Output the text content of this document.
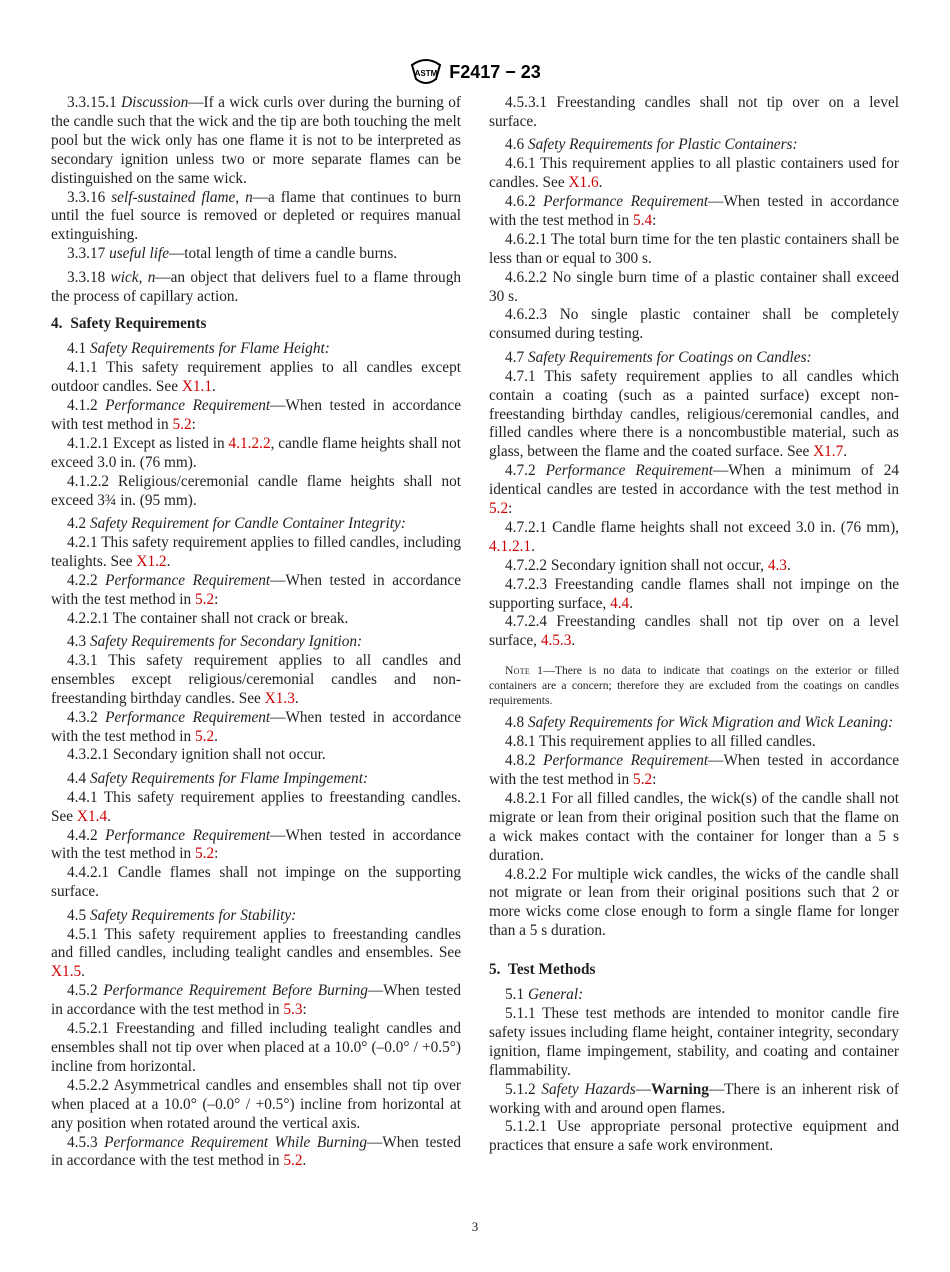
ASTM F2417 − 23

3.3.15.1 Discussion—If a wick curls over during the burning of the candle such that the wick and the tip are both touching the melt pool but the wick only has one flame it is not to be interpreted as secondary ignition unless two or more separate flames can be distinguished on the same wick.

3.3.16 self-sustained flame, n—a flame that continues to burn until the fuel source is removed or depleted or requires manual extinguishing.

3.3.17 useful life—total length of time a candle burns.

3.3.18 wick, n—an object that delivers fuel to a flame through the process of capillary action.

4. Safety Requirements

4.1 Safety Requirements for Flame Height:

4.1.1 This safety requirement applies to all candles except outdoor candles. See X1.1.

4.1.2 Performance Requirement—When tested in accordance with test method in 5.2:

4.1.2.1 Except as listed in 4.1.2.2, candle flame heights shall not exceed 3.0 in. (76 mm).

4.1.2.2 Religious/ceremonial candle flame heights shall not exceed 3¾ in. (95 mm).

4.2 Safety Requirement for Candle Container Integrity:

4.2.1 This safety requirement applies to filled candles, including tealights. See X1.2.

4.2.2 Performance Requirement—When tested in accordance with the test method in 5.2:

4.2.2.1 The container shall not crack or break.

4.3 Safety Requirements for Secondary Ignition:

4.3.1 This safety requirement applies to all candles and ensembles except religious/ceremonial candles and non-freestanding birthday candles. See X1.3.

4.3.2 Performance Requirement—When tested in accordance with the test method in 5.2.

4.3.2.1 Secondary ignition shall not occur.

4.4 Safety Requirements for Flame Impingement:

4.4.1 This safety requirement applies to freestanding candles. See X1.4.

4.4.2 Performance Requirement—When tested in accordance with the test method in 5.2:

4.4.2.1 Candle flames shall not impinge on the supporting surface.

4.5 Safety Requirements for Stability:

4.5.1 This safety requirement applies to freestanding candles and filled candles, including tealight candles and ensembles. See X1.5.

4.5.2 Performance Requirement Before Burning—When tested in accordance with the test method in 5.3:

4.5.2.1 Freestanding and filled including tealight candles and ensembles shall not tip over when placed at a 10.0° (–0.0° / +0.5°) incline from horizontal.

4.5.2.2 Asymmetrical candles and ensembles shall not tip over when placed at a 10.0° (–0.0° / +0.5°) incline from horizontal at any position when rotated around the vertical axis.

4.5.3 Performance Requirement While Burning—When tested in accordance with the test method in 5.2.

4.5.3.1 Freestanding candles shall not tip over on a level surface.

4.6 Safety Requirements for Plastic Containers:

4.6.1 This requirement applies to all plastic containers used for candles. See X1.6.

4.6.2 Performance Requirement—When tested in accordance with the test method in 5.4:

4.6.2.1 The total burn time for the ten plastic containers shall be less than or equal to 300 s.

4.6.2.2 No single burn time of a plastic container shall exceed 30 s.

4.6.2.3 No single plastic container shall be completely consumed during testing.

4.7 Safety Requirements for Coatings on Candles:

4.7.1 This safety requirement applies to all candles which contain a coating (such as a painted surface) except non-freestanding birthday candles, religious/ceremonial candles, and filled candles where there is a noncombustible material, such as glass, between the flame and the coated surface. See X1.7.

4.7.2 Performance Requirement—When a minimum of 24 identical candles are tested in accordance with the test method in 5.2:

4.7.2.1 Candle flame heights shall not exceed 3.0 in. (76 mm), 4.1.2.1.

4.7.2.2 Secondary ignition shall not occur, 4.3.

4.7.2.3 Freestanding candle flames shall not impinge on the supporting surface, 4.4.

4.7.2.4 Freestanding candles shall not tip over on a level surface, 4.5.3.

Note 1—There is no data to indicate that coatings on the exterior or filled containers are a concern; therefore they are excluded from the coatings on candles requirements.

4.8 Safety Requirements for Wick Migration and Wick Leaning:

4.8.1 This requirement applies to all filled candles.

4.8.2 Performance Requirement—When tested in accordance with the test method in 5.2:

4.8.2.1 For all filled candles, the wick(s) of the candle shall not migrate or lean from their original position such that the flame on a wick makes contact with the container for longer than a 5 s duration.

4.8.2.2 For multiple wick candles, the wicks of the candle shall not migrate or lean from their original positions such that 2 or more wicks come close enough to form a single flame for longer than a 5 s duration.

5. Test Methods

5.1 General:

5.1.1 These test methods are intended to monitor candle fire safety issues including flame height, container integrity, secondary ignition, flame impingement, stability, and coating and container flammability.

5.1.2 Safety Hazards—Warning—There is an inherent risk of working with and around open flames.

5.1.2.1 Use appropriate personal protective equipment and practices that ensure a safe work environment.

3
